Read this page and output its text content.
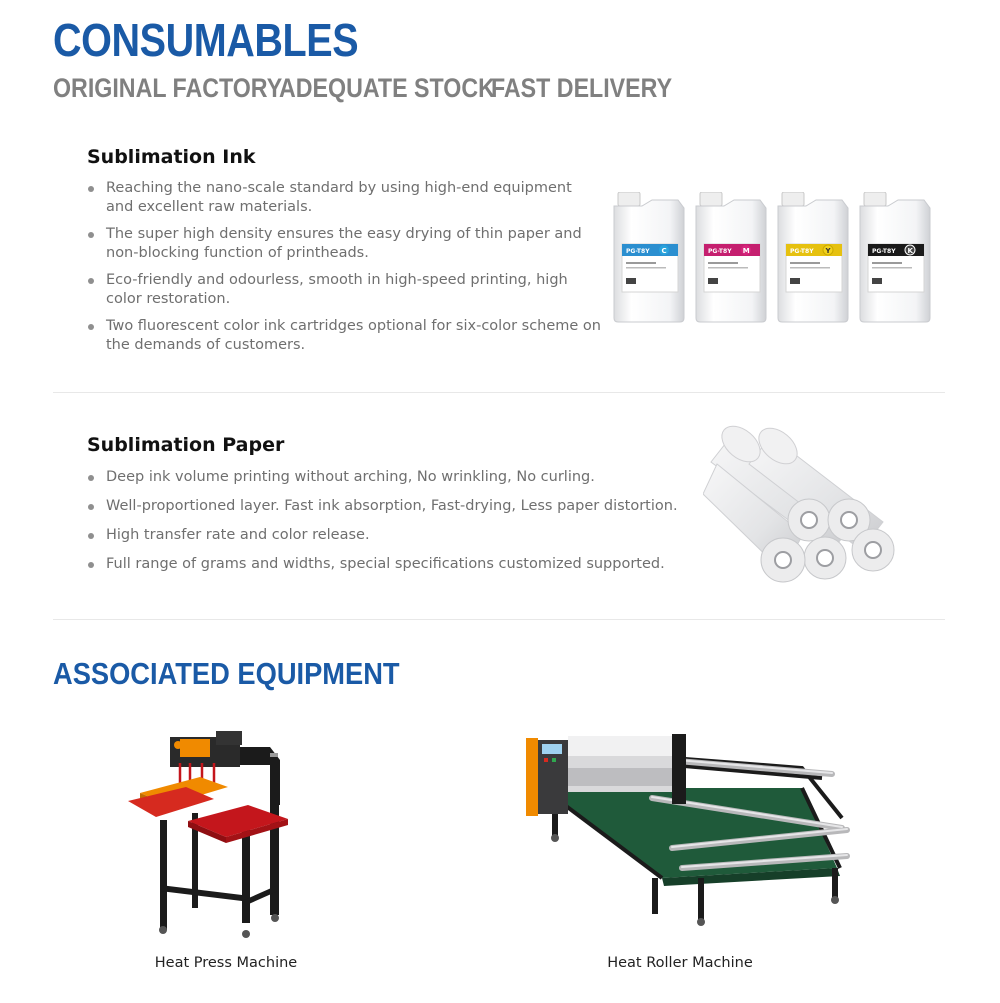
CONSUMABLES
ORIGINAL FACTORY
ADEQUATE STOCK
FAST DELIVERY
Sublimation Ink
Reaching the nano-scale standard by using high-end equipment and excellent raw materials.
The super high density ensures the easy drying of thin paper and non-blocking function of printheads.
Eco-friendly and odourless, smooth in high-speed printing, high color restoration.
Two fluorescent color ink cartridges optional for six-color scheme on the demands of customers.
PG-T8Y C	PG-T8Y M	PG-T8Y Y	PG-T8Y K
Sublimation Paper
Deep ink volume printing without arching, No wrinkling, No curling.
Well-proportioned layer. Fast ink absorption, Fast-drying, Less paper distortion.
High transfer rate and color release.
Full range of grams and widths, special specifications customized supported.
ASSOCIATED EQUIPMENT
Heat Press Machine	Heat Roller Machine
